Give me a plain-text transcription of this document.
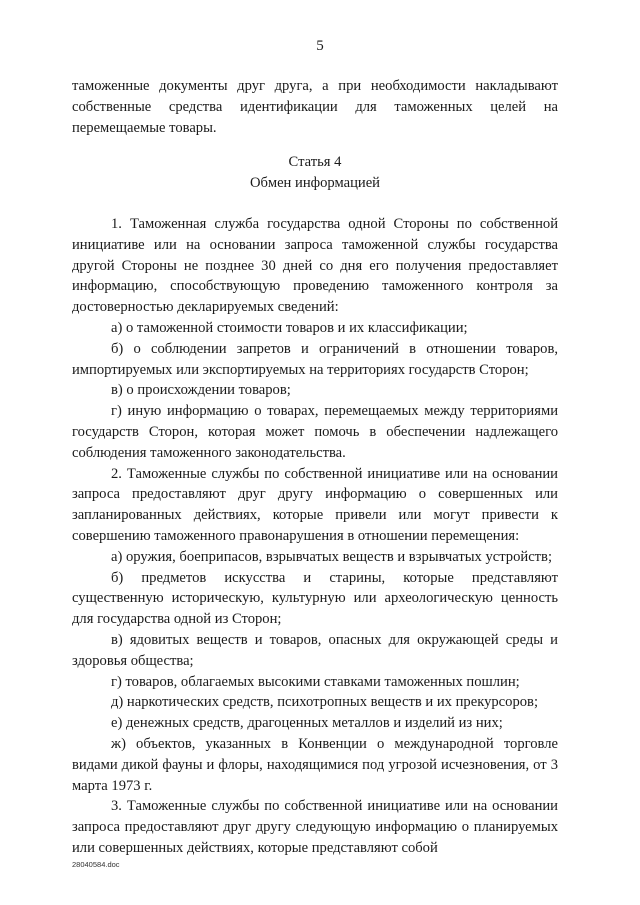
5

таможенные документы друг друга, а при необходимости накладывают собственные средства идентификации для таможенных целей на перемещаемые товары.

Статья 4

Обмен информацией

1. Таможенная служба государства одной Стороны по собственной инициативе или на основании запроса таможенной службы государства другой Стороны не позднее 30 дней со дня его получения предоставляет информацию, способствующую проведению таможенного контроля за достоверностью декларируемых сведений:

а) о таможенной стоимости товаров и их классификации;

б) о соблюдении запретов и ограничений в отношении товаров, импортируемых или экспортируемых на территориях государств Сторон;

в) о происхождении товаров;

г) иную информацию о товарах, перемещаемых между территориями государств Сторон, которая может помочь в обеспечении надлежащего соблюдения таможенного законодательства.

2. Таможенные службы по собственной инициативе или на основании запроса предоставляют друг другу информацию о совершенных или запланированных действиях, которые привели или могут привести к совершению таможенного правонарушения в отношении перемещения:

а) оружия, боеприпасов, взрывчатых веществ и взрывчатых устройств;

б) предметов искусства и старины, которые представляют существенную историческую, культурную или археологическую ценность для государства одной из Сторон;

в) ядовитых веществ и товаров, опасных для окружающей среды и здоровья общества;

г) товаров, облагаемых высокими ставками таможенных пошлин;

д) наркотических средств, психотропных веществ и их прекурсоров;

е) денежных средств, драгоценных металлов и изделий из них;

ж) объектов, указанных в Конвенции о международной торговле видами дикой фауны и флоры, находящимися под угрозой исчезновения, от 3 марта 1973 г.

3. Таможенные службы по собственной инициативе или на основании запроса предоставляют друг другу следующую информацию о планируемых или совершенных действиях, которые представляют собой

28040584.doc
